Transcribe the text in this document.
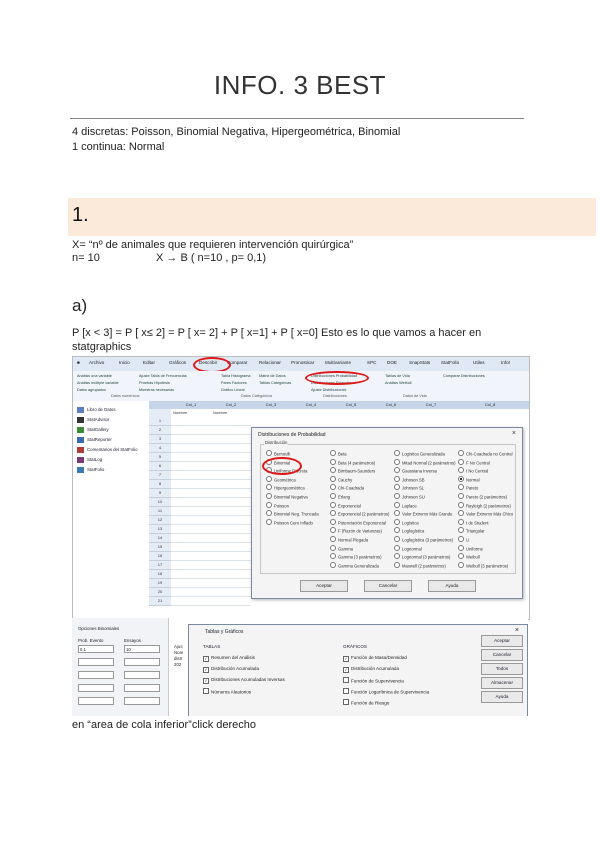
INFO. 3 BEST
4 discretas: Poisson, Binomial Negativa, Hipergeométrica, Binomial
1 continua: Normal
1.
X= “nº de animales que requieren intervención quirúrgica”
n= 10	X → B ( n=10 , p= 0,1)
a)
P [x < 3] = P [ x≤ 2] = P [ x= 2] + P [ x=1] + P [ x=0] Esto es lo que vamos a hacer en
statgraphics
■ Archivo	Inicio	Editar	Gráficos	Describir Comparar	Relacionar Pronosticar Multivariante	SPC DOE	SnapStats StatFolio	Utiles	Infor
Análisis una variable
Análisis múltiple variable
Datos agrupados
Ajuste Tabla de Frecuencias
Pruebas Hipótesis
Muestras necesarias
Tabla Histograma
Pares Factores
Gráfico Lineal
Matriz de Datos
Tablas Categóricas
Distribuciones Probabilidad
Distribuciones Estandar
Ajuste Distribuciones
Tablas de Vida
Análisis Weibull
Comparar Distribuciones
Datos numéricos	Datos Categóricos	Distribuciones	Datos de Vida
Libro de Datos
StatAdvisor
StatGallery
StatReporter
Comentarios del StatFolio
StatLog
StatFolio
Col_1	Col_2	Col_3	Col_4	Col_5	Col_6	Col_7	Col_8
Nombre	Nombre
1
2
3
4
5
6
7
8
9
10
11
12
13
14
15
16
17
18
19
20
21
Distribuciones de Probabilidad	×
Distribución
Bernoulli
Binomial
Uniforme Discreta
Geométrica
Hipergeométrica
Binomial Negativa
Poisson
Binomial Neg. Truncada
Poisson Cero Inflado
Beta
Beta (4 parámetros)
Birnbaum-Saunders
Cauchy
Chi-Cuadrada
Erlang
Exponencial
Exponencial (2 parámetros)
Potenciación Exponencial
F (Razón de Varianzas)
Normal Plegada
Gamma
Gamma (3 parámetros)
Gamma Generalizada
Logística Generalizada
Mitad Normal (2 parámetros)
Gaussiana Inversa
Johnson SB
Johnson SL
Johnson SU
Laplace
Valor Extremo Más Grande
Logística
Loglogística
Loglogística (3 parámetros)
Lognormal
Lognormal (3 parámetros)
Maxwell (2 parámetros)
Chi-Cuadrada no Central
F No Central
t No Central
Normal
Pareto
Pareto (2 parámetros)
Rayleigh (2 parámetros)
Valor Extremo Más Chico
t de Student
Triangular
U
Uniforme
Weibull
Weibull (3 parámetros)
Aceptar	Cancelar	Ayuda
Opciones Binomiales
Prob. Evento	Ensayos
0,1	10
Ajus
Nom
distr
202
Tablas y Gráficos	×
TABLAS	GRÁFICOS
✓ Resumen del Análisis
✓ Distribución Acumulada
✓ Distribuciones Acumuladas Inversas
Números Aleatorios
✓ Función de Masa/Densidad
✓ Distribución Acumulada
Función de Supervivencia
Función Logarítmica de Supervivencia
Función de Riesgo
Aceptar
Cancelar
Todos
Almacenar
Ayuda
en “area de cola inferior”click derecho
